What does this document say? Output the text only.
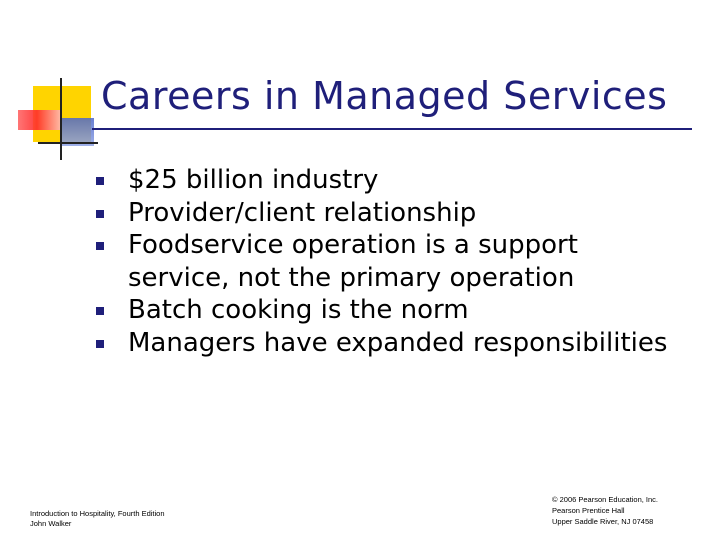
Careers in Managed Services
$25 billion industry
Provider/client relationship
Foodservice operation is a support service, not the primary operation
Batch cooking is the norm
Managers have expanded responsibilities
Introduction to Hospitality, Fourth Edition
John Walker
© 2006 Pearson Education, Inc.
Pearson Prentice Hall
Upper Saddle River, NJ 07458
